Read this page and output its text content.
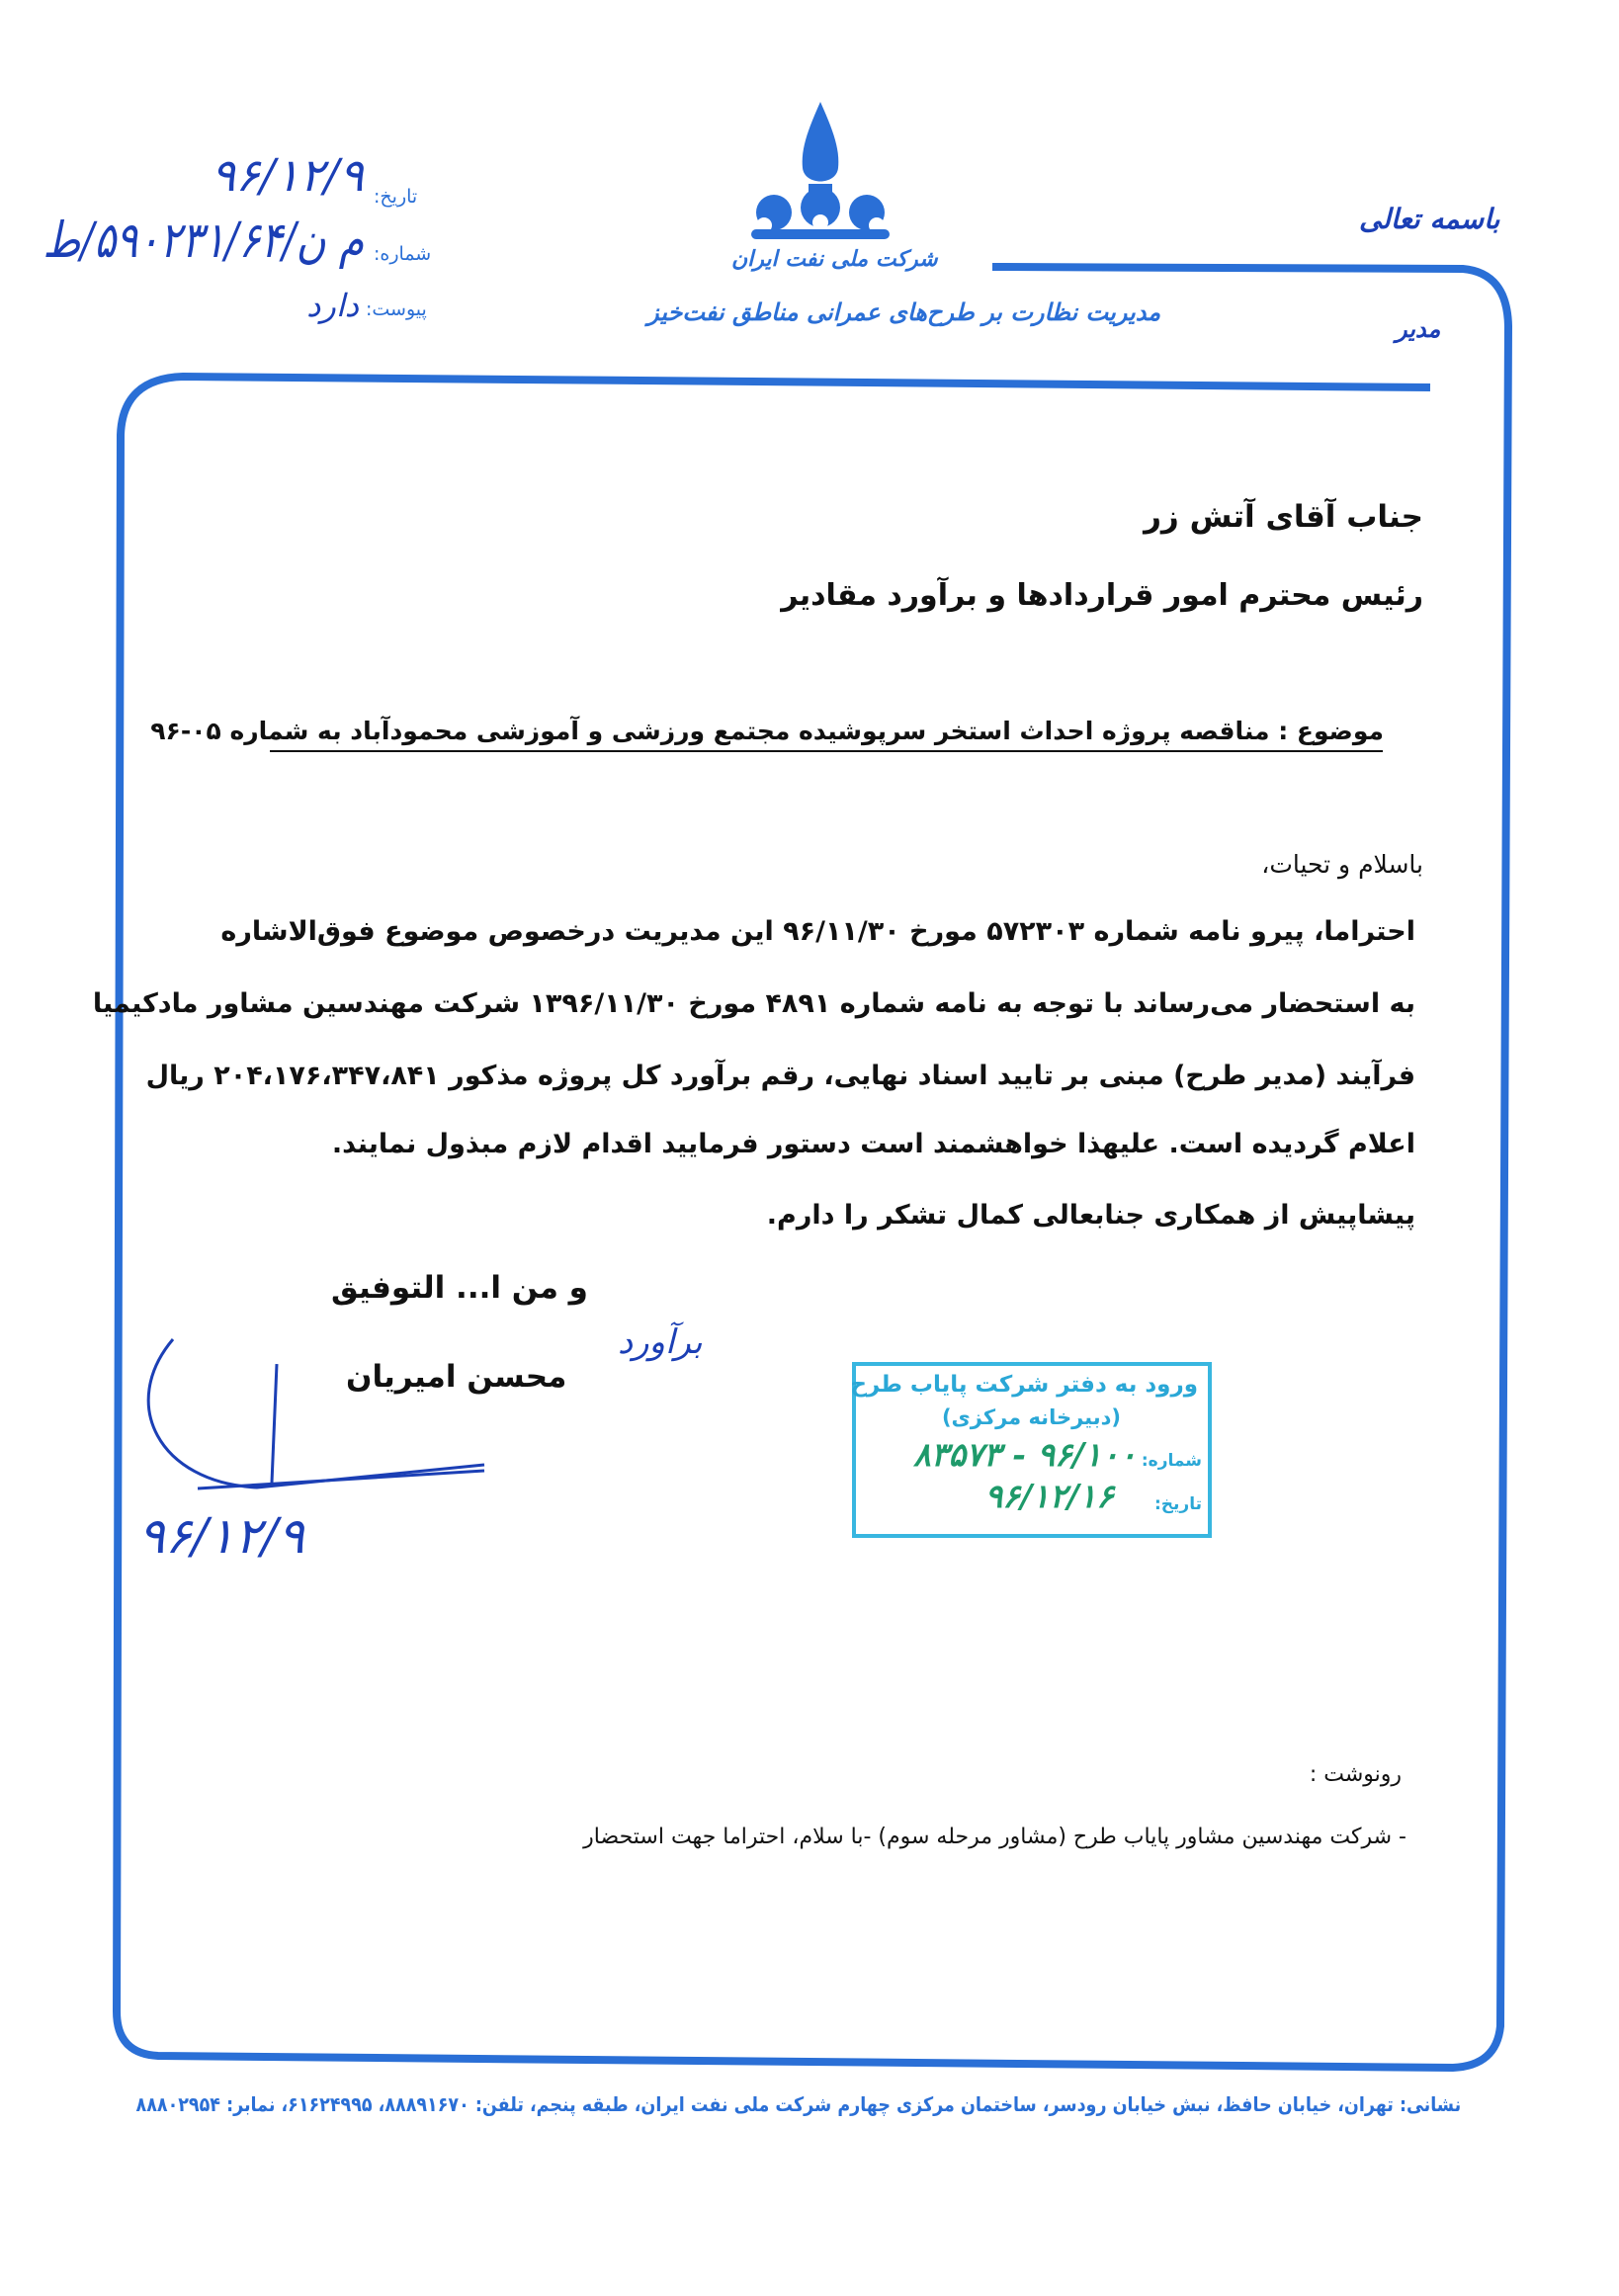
باسمه تعالی
مدیر
شرکت ملی نفت ایران
مدیریت نظارت بر طرح‌های عمرانی مناطق نفت‌خیز
تاریخ:
۹۶/۱۲/۹
شماره:
م ن/۵۹۰۲۳۱/۶۴/ط
پیوست:
دارد
جناب آقای آتش زر
رئیس محترم امور قراردادها و برآورد مقادیر
موضوع : مناقصه پروژه احداث استخر سرپوشیده مجتمع ورزشی و آموزشی محمودآباد به شماره ۰۵-۹۶
باسلام و تحیات،
احتراما، پیرو نامه شماره ۵۷۲۳۰۳ مورخ ۹۶/۱۱/۳۰ این مدیریت درخصوص موضوع فوق‌الاشاره
به استحضار می‌رساند با توجه به نامه شماره ۴۸۹۱ مورخ ۱۳۹۶/۱۱/۳۰ شرکت مهندسین مشاور مادکیمیا
فرآیند (مدیر طرح) مبنی بر تایید اسناد نهایی، رقم برآورد کل پروژه مذکور ۲۰۴،۱۷۶،۳۴۷،۸۴۱ ریال
اعلام گردیده است. علیهذا خواهشمند است دستور فرمایید اقدام لازم مبذول نمایند.
پیشاپیش از همکاری جنابعالی کمال تشکر را دارم.
و من ا... التوفیق
محسن امیریان
برآورد
۹۶/۱۲/۹
ورود به دفتر شرکت پایاب طرح
(دبیرخانه مرکزی)
شماره:
۸۳۵۷۳ - ۹۶/۱۰۰
تاریخ:
۹۶/۱۲/۱۶
رونوشت :
- شرکت مهندسین مشاور پایاب طرح (مشاور مرحله سوم) -با سلام، احتراما جهت استحضار
نشانی: تهران، خیابان حافظ، نبش خیابان رودسر، ساختمان مرکزی چهارم شرکت ملی نفت ایران، طبقه پنجم، تلفن: ۸۸۸۹۱۶۷۰، ۶۱۶۲۴۹۹۵، نمابر: ۸۸۸۰۲۹۵۴
